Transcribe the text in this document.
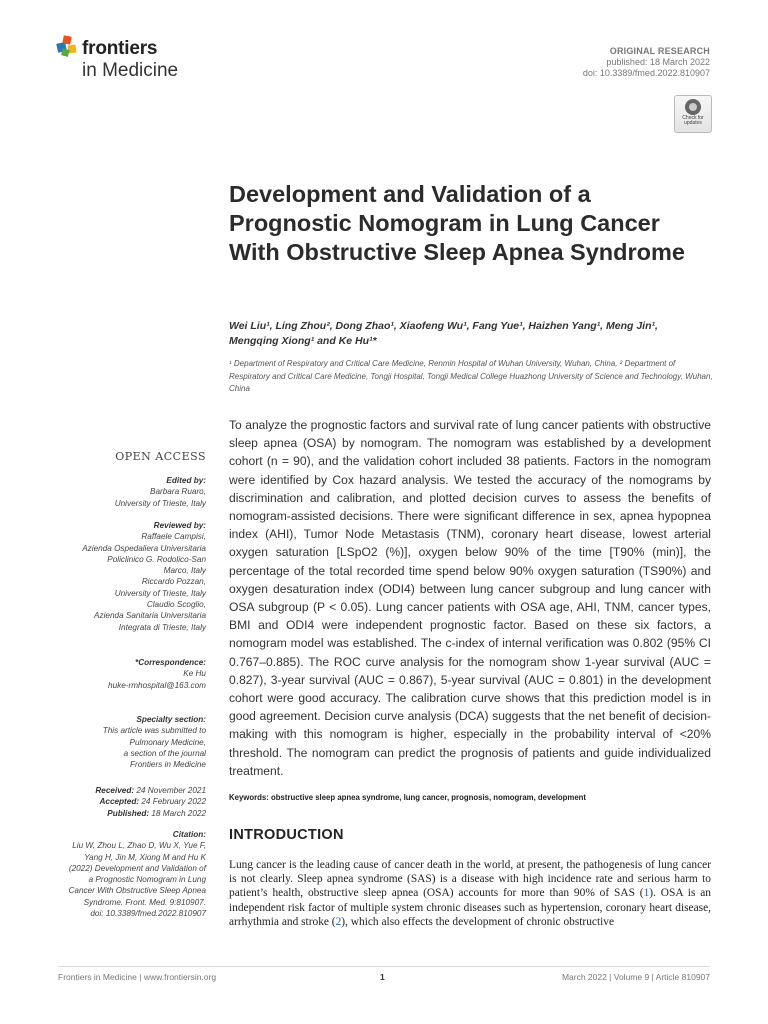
frontiers
in Medicine
ORIGINAL RESEARCH
published: 18 March 2022
doi: 10.3389/fmed.2022.810907
Check for
updates
Development and Validation of a Prognostic Nomogram in Lung Cancer With Obstructive Sleep Apnea Syndrome
Wei Liu¹, Ling Zhou², Dong Zhao¹, Xiaofeng Wu¹, Fang Yue¹, Haizhen Yang¹, Meng Jin¹,
Mengqing Xiong¹ and Ke Hu¹*
¹ Department of Respiratory and Critical Care Medicine, Renmin Hospital of Wuhan University, Wuhan, China, ² Department of Respiratory and Critical Care Medicine, Tongji Hospital, Tongji Medical College Huazhong University of Science and Technology, Wuhan, China
OPEN ACCESS
Edited by:
Barbara Ruaro,
University of Trieste, Italy
Reviewed by:
Raffaele Campisi,
Azienda Ospedaliera Universitaria
Policlinico G. Rodolico-San
Marco, Italy
Riccardo Pozzan,
University of Trieste, Italy
Claudio Scoglio,
Azienda Sanitaria Universitaria
Integrata di Trieste, Italy
*Correspondence:
Ke Hu
huke-rmhospital@163.com
Specialty section:
This article was submitted to
Pulmonary Medicine,
a section of the journal
Frontiers in Medicine
Received: 24 November 2021
Accepted: 24 February 2022
Published: 18 March 2022
Citation:
Liu W, Zhou L, Zhao D, Wu X, Yue F,
Yang H, Jin M, Xiong M and Hu K
(2022) Development and Validation of
a Prognostic Nomogram in Lung
Cancer With Obstructive Sleep Apnea
Syndrome. Front. Med. 9:810907.
doi: 10.3389/fmed.2022.810907
To analyze the prognostic factors and survival rate of lung cancer patients with obstructive sleep apnea (OSA) by nomogram. The nomogram was established by a development cohort (n = 90), and the validation cohort included 38 patients. Factors in the nomogram were identified by Cox hazard analysis. We tested the accuracy of the nomograms by discrimination and calibration, and plotted decision curves to assess the benefits of nomogram-assisted decisions. There were significant difference in sex, apnea hypopnea index (AHI), Tumor Node Metastasis (TNM), coronary heart disease, lowest arterial oxygen saturation [LSpO2 (%)], oxygen below 90% of the time [T90% (min)], the percentage of the total recorded time spend below 90% oxygen saturation (TS90%) and oxygen desaturation index (ODI4) between lung cancer subgroup and lung cancer with OSA subgroup (P < 0.05). Lung cancer patients with OSA age, AHI, TNM, cancer types, BMI and ODI4 were independent prognostic factor. Based on these six factors, a nomogram model was established. The c-index of internal verification was 0.802 (95% CI 0.767–0.885). The ROC curve analysis for the nomogram show 1-year survival (AUC = 0.827), 3-year survival (AUC = 0.867), 5-year survival (AUC = 0.801) in the development cohort were good accuracy. The calibration curve shows that this prediction model is in good agreement. Decision curve analysis (DCA) suggests that the net benefit of decision-making with this nomogram is higher, especially in the probability interval of <20% threshold. The nomogram can predict the prognosis of patients and guide individualized treatment.
Keywords: obstructive sleep apnea syndrome, lung cancer, prognosis, nomogram, development
INTRODUCTION
Lung cancer is the leading cause of cancer death in the world, at present, the pathogenesis of lung cancer is not clearly. Sleep apnea syndrome (SAS) is a disease with high incidence rate and serious harm to patient’s health, obstructive sleep apnea (OSA) accounts for more than 90% of SAS (1). OSA is an independent risk factor of multiple system chronic diseases such as hypertension, coronary heart disease, arrhythmia and stroke (2), which also effects the development of chronic obstructive
Frontiers in Medicine | www.frontiersin.org	1	March 2022 | Volume 9 | Article 810907
